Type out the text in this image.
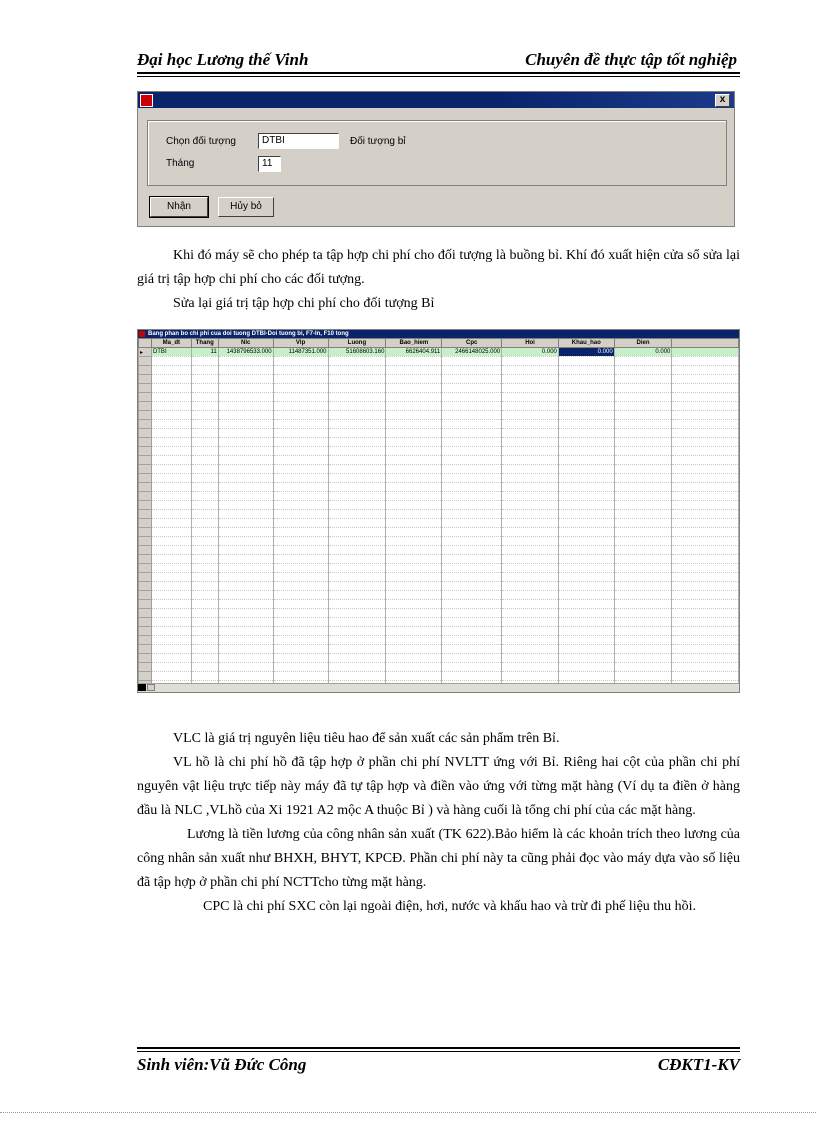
Đại học Lương thế Vinh	Chuyên đề thực tập tốt nghiệp
x
Chọn đối tượng	DTBI	Đối tượng bỉ
Tháng	11
Nhận	Hủy bỏ

Khi đó máy sẽ cho phép ta tập hợp chi phí cho đối tượng là buồng bỉ. Khí đó xuất hiện cửa sổ sửa lại giá trị tập hợp chi phí cho các đối tượng.

Sửa lại giá trị tập hợp chi phí cho đối tượng Bỉ

Bang phan bo chi phi cua doi tuong DTBI-Doi tuong bi, F7-In, F10 tong
	Ma_dt	Thang	Nlc	Vlp	Luong	Bao_hiem	Cpc	Hoi	Khau_hao	Dien	
▸	DTBI	11	1438796533.000	11487351.000	51608603.160	6626404.911	2466148025.000	0.000	0.000	0.000	

VLC là giá trị nguyên liệu tiêu hao để sản xuất các sản phẩm trên Bỉ.

VL hồ là chi phí hồ đã tập hợp ở phần chi phí NVLTT ứng với Bỉ. Riêng hai cột của phần chi phí nguyên vật liệu trực tiếp này máy đã tự tập hợp và điền vào ứng với từng mặt hàng (Ví dụ ta điền ở hàng đầu là NLC ,VLhồ của Xi 1921 A2 mộc A thuộc Bỉ ) và hàng cuối là tổng chi phí của các mặt hàng.

Lương là tiền lương của công nhân sản xuất (TK 622).Bảo hiểm là các khoản trích theo lương của công nhân sản xuất như BHXH, BHYT, KPCĐ. Phần chi phí này ta cũng phải đọc vào máy dựa vào số liệu đã tập hợp ở phần chi phí NCTTcho từng mặt hàng.

CPC là chi phí SXC còn lại ngoài điện, hơi, nước và khấu hao và trừ đi phế liệu thu hồi.

Sinh viên:Vũ Đức Công	CĐKT1-KV
